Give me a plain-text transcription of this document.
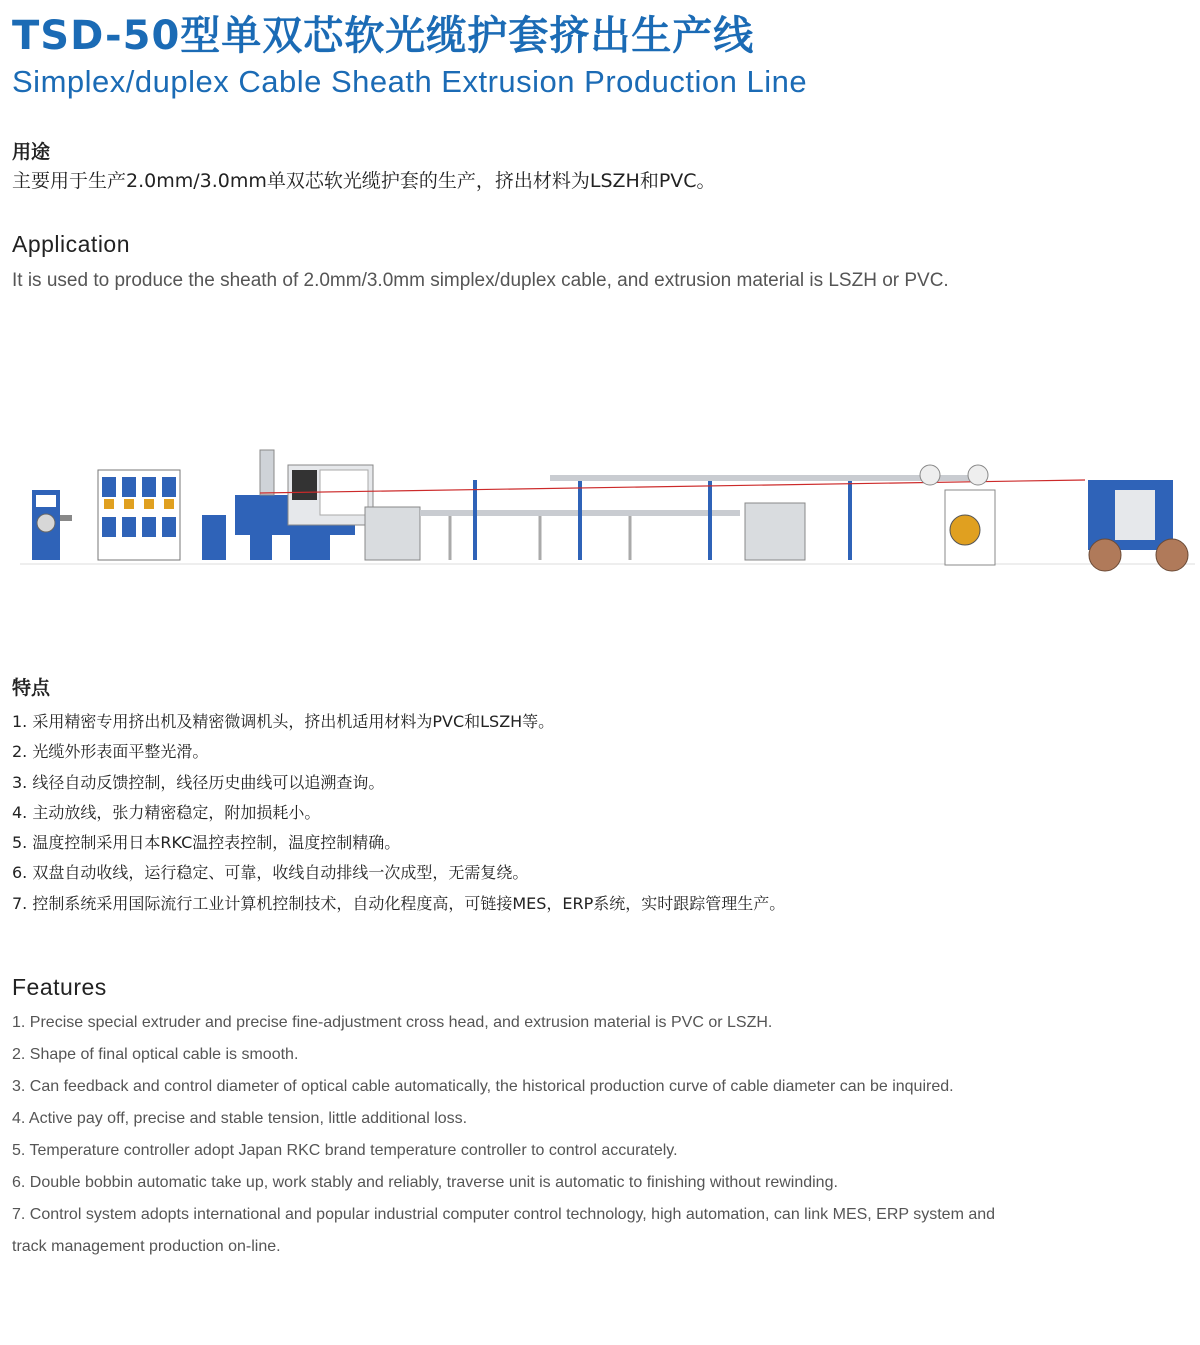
TSD-50型单双芯软光缆护套挤出生产线
Simplex/duplex Cable Sheath Extrusion Production Line
用途

主要用于生产2.0mm/3.0mm单双芯软光缆护套的生产，挤出材料为LSZH和PVC。

Application

It is used to produce the sheath of 2.0mm/3.0mm simplex/duplex cable, and extrusion material is LSZH or PVC.

特点
1. 采用精密专用挤出机及精密微调机头，挤出机适用材料为PVC和LSZH等。
2. 光缆外形表面平整光滑。
3. 线径自动反馈控制，线径历史曲线可以追溯查询。
4. 主动放线，张力精密稳定，附加损耗小。
5. 温度控制采用日本RKC温控表控制，温度控制精确。
6. 双盘自动收线，运行稳定、可靠，收线自动排线一次成型，无需复绕。
7. 控制系统采用国际流行工业计算机控制技术，自动化程度高，可链接MES，ERP系统，实时跟踪管理生产。
Features
1. Precise special extruder and precise fine-adjustment cross head, and extrusion material is PVC or LSZH.
2. Shape of final optical cable is smooth.
3. Can feedback and control diameter of optical cable automatically, the historical production curve of cable diameter can be inquired.
4. Active pay off, precise and stable tension, little additional loss.
5. Temperature controller adopt Japan RKC brand temperature controller to control accurately.
6. Double bobbin automatic take up, work stably and reliably, traverse unit is automatic to finishing without rewinding.
7. Control system adopts international and popular industrial computer control technology, high automation, can link MES, ERP system and track management production on-line.
